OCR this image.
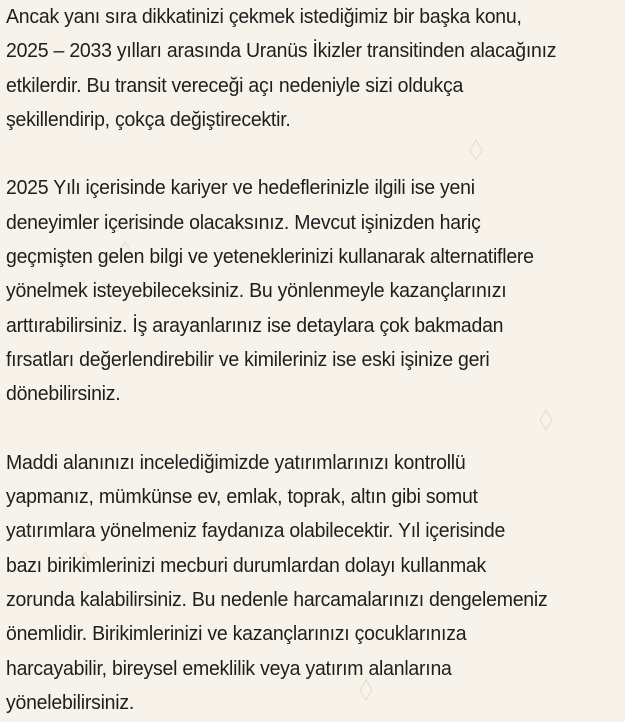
Ancak yanı sıra dikkatinizi çekmek istediğimiz bir başka konu,
2025 – 2033 yılları arasında Uranüs İkizler transitinden alacağınız
etkilerdir. Bu transit vereceği açı nedeniyle sizi oldukça
şekillendirip, çokça değiştirecektir.

2025 Yılı içerisinde kariyer ve hedeflerinizle ilgili ise yeni
deneyimler içerisinde olacaksınız. Mevcut işinizden hariç
geçmişten gelen bilgi ve yeteneklerinizi kullanarak alternatiflere
yönelmek isteyebileceksiniz. Bu yönlenmeyle kazançlarınızı
arttırabilirsiniz. İş arayanlarınız ise detaylara çok bakmadan
fırsatları değerlendirebilir ve kimileriniz ise eski işinize geri
dönebilirsiniz.

Maddi alanınızı incelediğimizde yatırımlarınızı kontrollü
yapmanız, mümkünse ev, emlak, toprak, altın gibi somut
yatırımlara yönelmeniz faydanıza olabilecektir. Yıl içerisinde
bazı birikimlerinizi mecburi durumlardan dolayı kullanmak
zorunda kalabilirsiniz. Bu nedenle harcamalarınızı dengelemeniz
önemlidir. Birikimlerinizi ve kazançlarınızı çocuklarınıza
harcayabilir, bireysel emeklilik veya yatırım alanlarına
yönelebilirsiniz.
